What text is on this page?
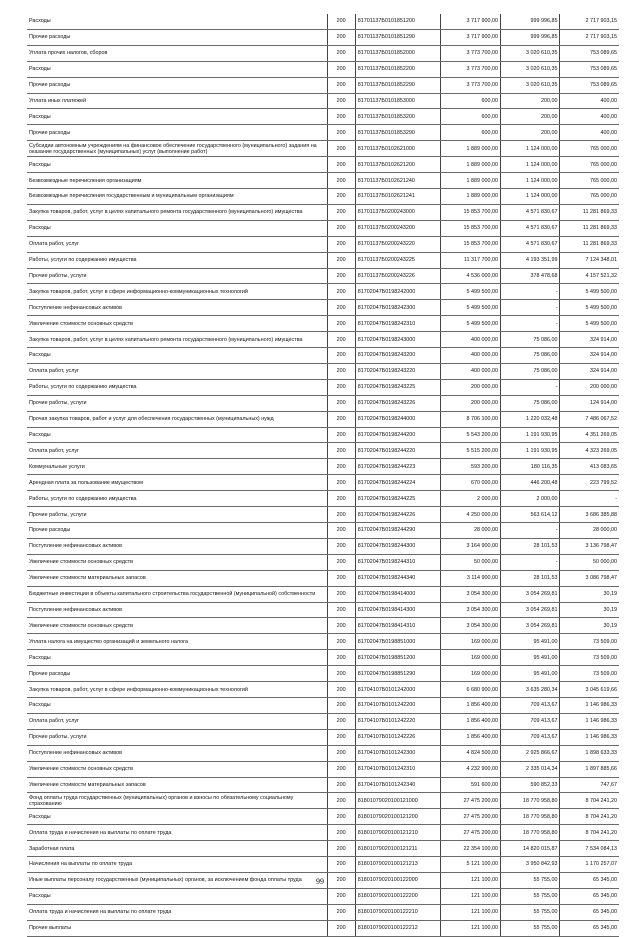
Расходы	200	81701137Б0101851200	3 717 900,00	999 996,85	2 717 903,15
Прочие расходы	200	81701137Б0101851290	3 717 900,00	999 996,85	2 717 903,15
Уплата прочих налогов, сборов	200	81701137Б0101852000	3 773 700,00	3 020 610,35	753 089,65
Расходы	200	81701137Б0101852200	3 773 700,00	3 020 610,35	753 089,65
Прочие расходы	200	81701137Б0101852290	3 773 700,00	3 020 610,35	753 089,65
Уплата иных платежей	200	81701137Б0101853000	600,00	200,00	400,00
Расходы	200	81701137Б0101853200	600,00	200,00	400,00
Прочие расходы	200	81701137Б0101853290	600,00	200,00	400,00
Субсидии автономным учреждениям на финансовое обеспечение государственного (муниципального) задания на оказание государственных (муниципальных) услуг (выполнение работ)	200	81701137Б0102621000	1 889 000,00	1 124 000,00	765 000,00
Расходы	200	81701137Б0102621200	1 889 000,00	1 124 000,00	765 000,00
Безвозмездные перечисления организациям	200	81701137Б0102621240	1 889 000,00	1 124 000,00	765 000,00
Безвозмездные перечисления государственным и муниципальным организациям	200	81701137Б0102621241	1 889 000,00	1 124 000,00	765 000,00
Закупка товаров, работ, услуг в целях капитального ремонта государственного (муниципального) имущества	200	81701137Б0200243000	15 853 700,00	4 571 830,67	11 281 869,33
Расходы	200	81701137Б0200243200	15 853 700,00	4 571 830,67	11 281 869,33
Оплата работ, услуг	200	81701137Б0200243220	15 853 700,00	4 571 830,67	11 281 869,33
Работы, услуги по содержанию имущества	200	81701137Б0200243225	11 317 700,00	4 193 351,99	7 124 348,01
Прочие работы, услуги	200	81701137Б0200243226	4 536 000,00	378 478,68	4 157 521,32
Закупка товаров, работ, услуг в сфере информационно-коммуникационных технологий	200	81702047Б0198242000	5 499 500,00	-	5 499 500,00
Поступление нефинансовых активов	200	81702047Б0198242300	5 499 500,00	-	5 499 500,00
Увеличение стоимости основных средств	200	81702047Б0198242310	5 499 500,00	-	5 499 500,00
Закупка товаров, работ, услуг в целях капитального ремонта государственного (муниципального) имущества	200	81702047Б0198243000	400 000,00	75 086,00	324 914,00
Расходы	200	81702047Б0198243200	400 000,00	75 086,00	324 914,00
Оплата работ, услуг	200	81702047Б0198243220	400 000,00	75 086,00	324 914,00
Работы, услуги по содержанию имущества	200	81702047Б0198243225	200 000,00	-	200 000,00
Прочие работы, услуги	200	81702047Б0198243226	200 000,00	75 086,00	124 914,00
Прочая закупка товаров, работ и услуг для обеспечения государственных (муниципальных) нужд	200	81702047Б0198244000	8 706 100,00	1 220 032,48	7 486 067,52
Расходы	200	81702047Б0198244200	5 543 200,00	1 191 930,95	4 351 269,05
Оплата работ, услуг	200	81702047Б0198244220	5 515 200,00	1 191 930,95	4 323 269,05
Коммунальные услуги	200	81702047Б0198244223	593 200,00	180 116,35	413 083,65
Арендная плата за пользование имуществом	200	81702047Б0198244224	670 000,00	446 200,48	223 799,52
Работы, услуги по содержанию имущества	200	81702047Б0198244225	2 000,00	2 000,00	-
Прочие работы, услуги	200	81702047Б0198244226	4 250 000,00	563 614,12	3 686 385,88
Прочие расходы	200	81702047Б0198244290	28 000,00	-	28 000,00
Поступление нефинансовых активов	200	81702047Б0198244300	3 164 900,00	28 101,53	3 136 798,47
Увеличение стоимости основных средств	200	81702047Б0198244310	50 000,00	-	50 000,00
Увеличение стоимости материальных запасов	200	81702047Б0198244340	3 114 900,00	28 101,53	3 086 798,47
Бюджетные инвестиции в объекты капитального строительства государственной (муниципальной) собственности	200	81702047Б0198414000	3 054 300,00	3 054 269,81	30,19
Поступление нефинансовых активов	200	81702047Б0198414300	3 054 300,00	3 054 269,81	30,19
Увеличение стоимости основных средств	200	81702047Б0198414310	3 054 300,00	3 054 269,81	30,19
Уплата налога на имущество организаций и земельного налога	200	81702047Б0198851000	169 000,00	95 491,00	73 509,00
Расходы	200	81702047Б0198851200	169 000,00	95 491,00	73 509,00
Прочие расходы	200	81702047Б0198851290	169 000,00	95 491,00	73 509,00
Закупка товаров, работ, услуг в сфере информационно-коммуникационных технологий	200	81704107Б0101242000	6 680 900,00	3 635 280,34	3 045 619,66
Расходы	200	81704107Б0101242200	1 856 400,00	709 413,67	1 146 986,33
Оплата работ, услуг	200	81704107Б0101242220	1 856 400,00	709 413,67	1 146 986,33
Прочие работы, услуги	200	81704107Б0101242226	1 856 400,00	709 413,67	1 146 986,33
Поступление нефинансовых активов	200	81704107Б0101242300	4 824 500,00	2 925 866,67	1 898 633,33
Увеличение стоимости основных средств	200	81704107Б0101242310	4 232 900,00	2 335 014,34	1 897 885,66
Увеличение стоимости материальных запасов	200	81704107Б0101242340	591 600,00	590 852,33	747,67
Фонд оплаты труда государственных (муниципальных) органов и взносы по обязательному социальному страхованию	200	81801079020100121000	27 475 200,00	18 770 958,80	8 704 241,20
Расходы	200	81801079020100121200	27 475 200,00	18 770 958,80	8 704 241,20
Оплата труда и начисления на выплаты по оплате труда	200	81801079020100121210	27 475 200,00	18 770 958,80	8 704 241,20
Заработная плата	200	81801079020100121211	22 354 100,00	14 820 015,87	7 534 084,13
Начисления на выплаты по оплате труда	200	81801079020100121213	5 121 100,00	3 950 842,93	1 170 257,07
Иные выплаты персоналу государственных (муниципальных) органов, за исключением фонда оплаты труда	200	81801079020100122000	121 100,00	55 755,00	65 345,00
Расходы	200	81801079020100122200	121 100,00	55 755,00	65 345,00
Оплата труда и начисления на выплаты по оплате труда	200	81801079020100122210	121 100,00	55 755,00	65 345,00
Прочие выплаты	200	81801079020100122212	121 100,00	55 755,00	65 345,00
99
